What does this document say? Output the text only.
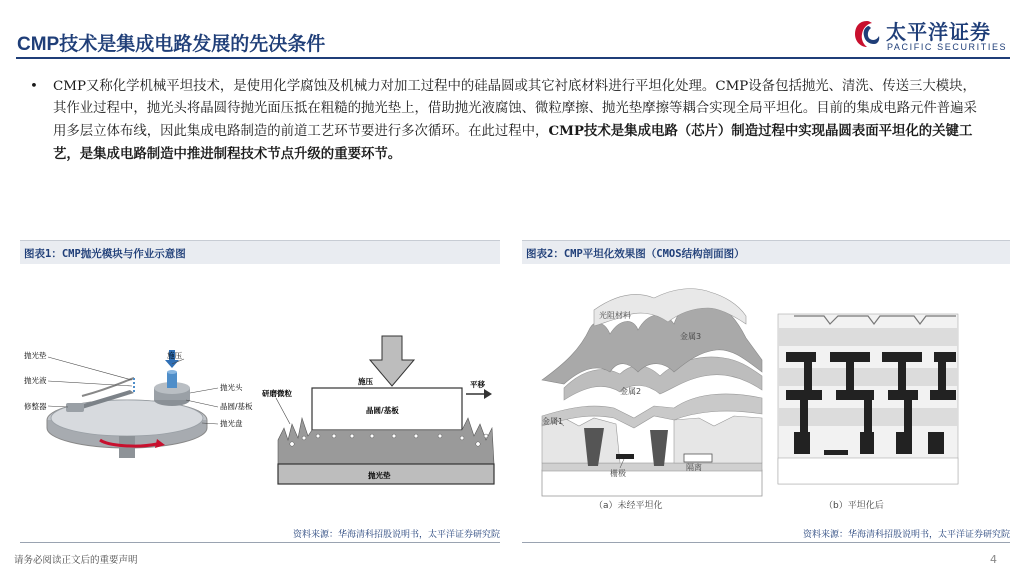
CMP技术是集成电路发展的先决条件
太平洋证券
PACIFIC SECURITIES
• CMP又称化学机械平坦技术，是使用化学腐蚀及机械力对加工过程中的硅晶圆或其它衬底材料进行平坦化处理。CMP设备包括抛光、清洗、传送三大模块，其作业过程中，抛光头将晶圆待抛光面压抵在粗糙的抛光垫上，借助抛光液腐蚀、微粒摩擦、抛光垫摩擦等耦合实现全局平坦化。目前的集成电路元件普遍采用多层立体布线，因此集成电路制造的前道工艺环节要进行多次循环。在此过程中，CMP技术是集成电路（芯片）制造过程中实现晶圆表面平坦化的关键工艺，是集成电路制造中推进制程技术节点升级的重要环节。
图表1：CMP抛光模块与作业示意图
抛光垫
抛光液
修整器
施压
抛光头
晶圆/基板
抛光盘
施压	平移
研磨微粒
晶圆/基板
抛光垫
资料来源：华海清科招股说明书，太平洋证券研究院
图表2：CMP平坦化效果图（CMOS结构剖面图）
光阻材料
金属3
金属2
金属1
隔离
栅极
（a）未经平坦化	（b）平坦化后
资料来源：华海清科招股说明书，太平洋证券研究院
请务必阅读正文后的重要声明	4
